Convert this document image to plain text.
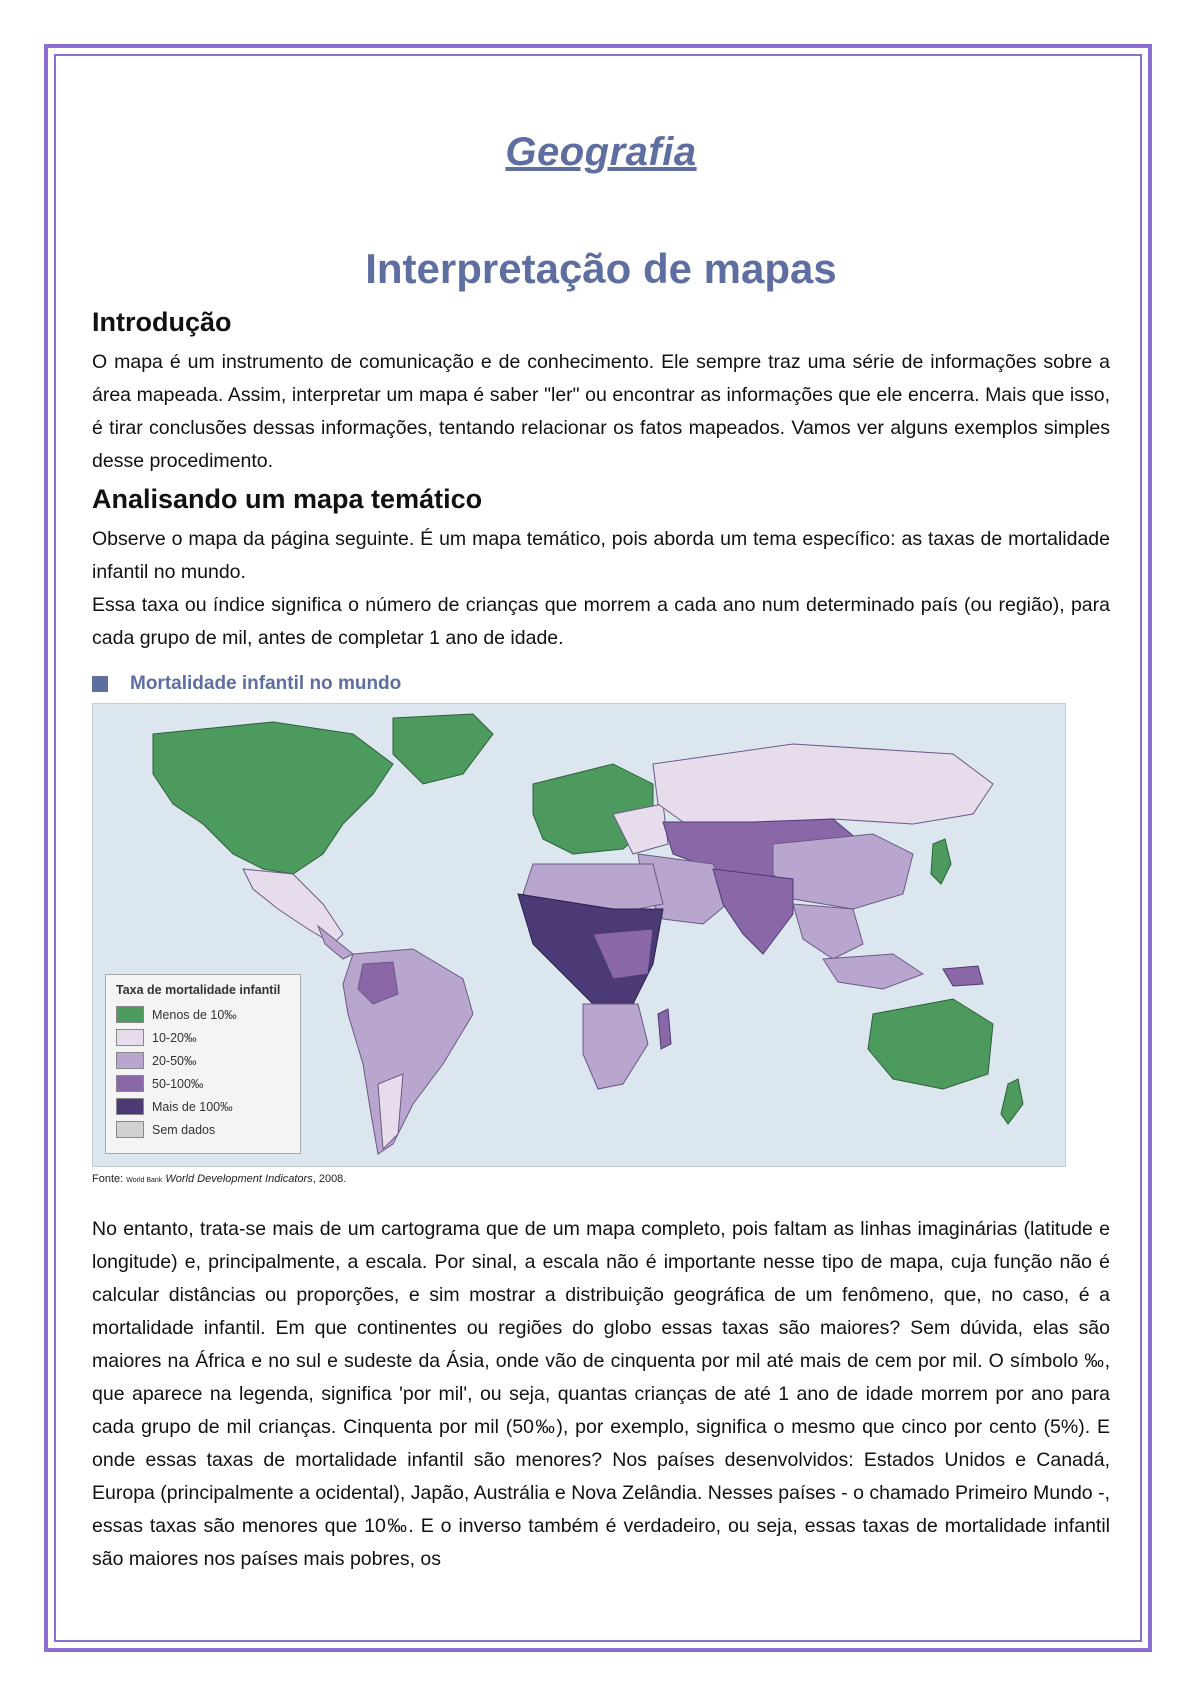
Geografia
Interpretação de mapas
Introdução

O mapa é um instrumento de comunicação e de conhecimento. Ele sempre traz uma série de informações sobre a área mapeada. Assim, interpretar um mapa é saber "ler" ou encontrar as informações que ele encerra. Mais que isso, é tirar conclusões dessas informações, tentando relacionar os fatos mapeados. Vamos ver alguns exemplos simples desse procedimento.

Analisando um mapa temático

Observe o mapa da página seguinte. É um mapa temático, pois aborda um tema específico: as taxas de mortalidade infantil no mundo.

Essa taxa ou índice significa o número de crianças que morrem a cada ano num determinado país (ou região), para cada grupo de mil, antes de completar 1 ano de idade.

Mortalidade infantil no mundo
Taxa de mortalidade infantil
Menos de 10‰
10-20‰
20-50‰
50-100‰
Mais de 100‰
Sem dados
Fonte: World Bank World Development Indicators, 2008.

No entanto, trata-se mais de um cartograma que de um mapa completo, pois faltam as linhas imaginárias (latitude e longitude) e, principalmente, a escala. Por sinal, a escala não é importante nesse tipo de mapa, cuja função não é calcular distâncias ou proporções, e sim mostrar a distribuição geográfica de um fenômeno, que, no caso, é a mortalidade infantil. Em que continentes ou regiões do globo essas taxas são maiores? Sem dúvida, elas são maiores na África e no sul e sudeste da Ásia, onde vão de cinquenta por mil até mais de cem por mil. O símbolo ‰, que aparece na legenda, significa 'por mil', ou seja, quantas crianças de até 1 ano de idade morrem por ano para cada grupo de mil crianças. Cinquenta por mil (50‰), por exemplo, significa o mesmo que cinco por cento (5%). E onde essas taxas de mortalidade infantil são menores? Nos países desenvolvidos: Estados Unidos e Canadá, Europa (principalmente a ocidental), Japão, Austrália e Nova Zelândia. Nesses países - o chamado Primeiro Mundo -, essas taxas são menores que 10‰. E o inverso também é verdadeiro, ou seja, essas taxas de mortalidade infantil são maiores nos países mais pobres, os
